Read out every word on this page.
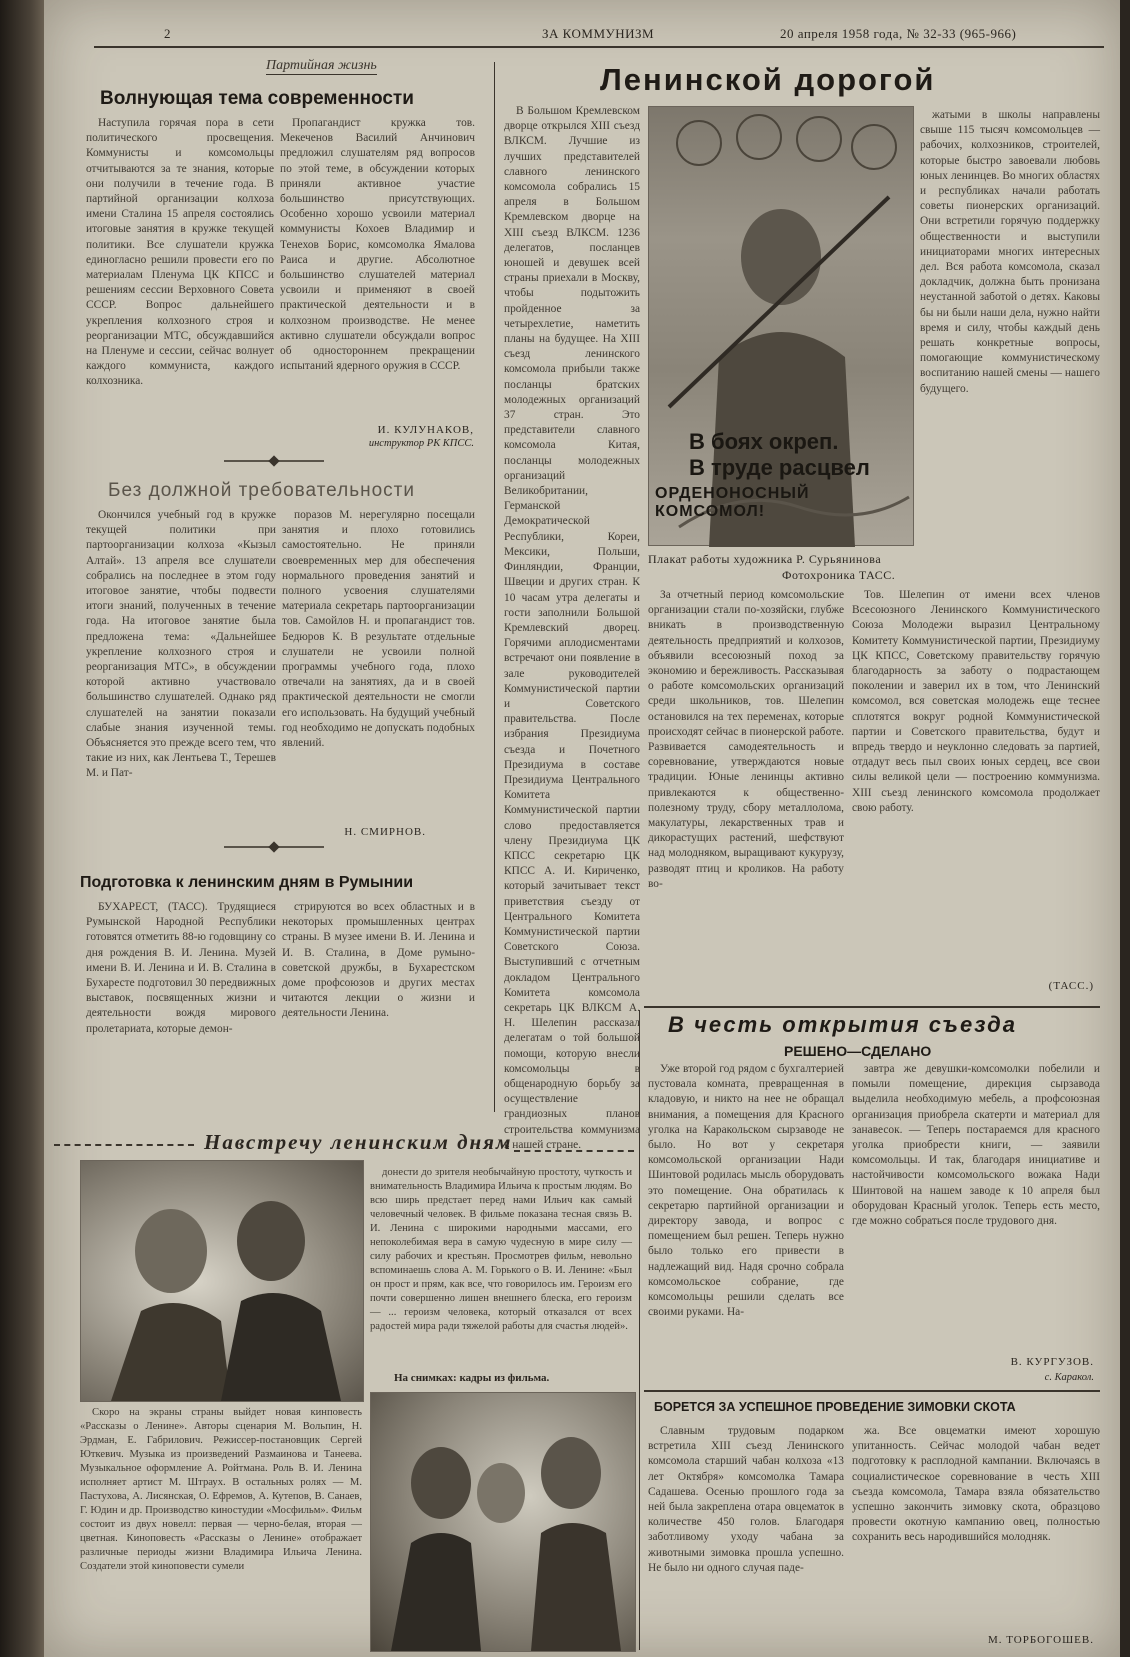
2	ЗА КОММУНИЗМ	20 апреля 1958 года, № 32-33 (965-966)
Партийная жизнь
Волнующая тема современности

Наступила горячая пора в сети политического просвещения. Коммунисты и комсомольцы отчитываются за те знания, которые они получили в течение года. В партийной организации колхоза имени Сталина 15 апреля состоялись итоговые занятия в кружке текущей политики. Все слушатели кружка единогласно решили провести его по материалам Пленума ЦК КПСС и решениям сессии Верховного Совета СССР. Вопрос дальнейшего укрепления колхозного строя и реорганизации МТС, обсуждавшийся на Пленуме и сессии, сейчас волнует каждого коммуниста, каждого колхозника.

Пропагандист кружка тов. Мекеченов Василий Анчинович предложил слушателям ряд вопросов по этой теме, в обсуждении которых приняли активное участие большинство присутствующих. Особенно хорошо усвоили материал коммунисты Кохоев Владимир и Тенехов Борис, комсомолка Ямалова Раиса и другие. Абсолютное большинство слушателей материал усвоили и применяют в своей практической деятельности и в колхозном производстве. Не менее активно слушатели обсуждали вопрос об одностороннем прекращении испытаний ядерного оружия в СССР.

И. КУЛУНАКОВ,
инструктор РК КПСС.
Без должной требовательности

Окончился учебный год в кружке текущей политики при партоорганизации колхоза «Кызыл Алтай». 13 апреля все слушатели собрались на последнее в этом году итоговое занятие, чтобы подвести итоги знаний, полученных в течение года. На итоговое занятие была предложена тема: «Дальнейшее укрепление колхозного строя и реорганизация МТС», в обсуждении которой активно участвовало большинство слушателей. Однако ряд слушателей на занятии показали слабые знания изученной темы. Объясняется это прежде всего тем, что такие из них, как Лентьева Т., Терешев М. и Пат-

поразов М. нерегулярно посещали занятия и плохо готовились самостоятельно. Не приняли своевременных мер для обеспечения нормального проведения занятий и полного усвоения слушателями материала секретарь партоорганизации тов. Самойлов Н. и пропагандист тов. Бедюров К. В результате отдельные слушатели не усвоили полной программы учебного года, плохо отвечали на занятиях, да и в своей практической деятельности не смогли его использовать. На будущий учебный год необходимо не допускать подобных явлений.

Н. СМИРНОВ.
Подготовка к ленинским дням в Румынии

БУХАРЕСТ, (ТАСС). Трудящиеся Румынской Народной Республики готовятся отметить 88-ю годовщину со дня рождения В. И. Ленина. Музей имени В. И. Ленина и И. В. Сталина в Бухаресте подготовил 30 передвижных выставок, посвященных жизни и деятельности вождя мирового пролетариата, которые демон-

стрируются во всех областных и в некоторых промышленных центрах страны. В музее имени В. И. Ленина и И. В. Сталина, в Доме румыно-советской дружбы, в Бухарестском доме профсоюзов и других местах читаются лекции о жизни и деятельности Ленина.

Ленинской дорогой

В Большом Кремлевском дворце открылся XIII съезд ВЛКСМ. Лучшие из лучших представителей славного ленинского комсомола собрались 15 апреля в Большом Кремлевском дворце на XIII съезд ВЛКСМ. 1236 делегатов, посланцев юношей и девушек всей страны приехали в Москву, чтобы подытожить пройденное за четырехлетие, наметить планы на будущее. На XIII съезд ленинского комсомола прибыли также посланцы братских молодежных организаций 37 стран. Это представители славного комсомола Китая, посланцы молодежных организаций Великобритании, Германской Демократической Республики, Кореи, Мексики, Польши, Финляндии, Франции, Швеции и других стран. К 10 часам утра делегаты и гости заполнили Большой Кремлевский дворец. Горячими аплодисментами встречают они появление в зале руководителей Коммунистической партии и Советского правительства. После избрания Президиума съезда и Почетного Президиума в составе Президиума Центрального Комитета Коммунистической партии слово предоставляется члену Президиума ЦК КПСС секретарю ЦК КПСС А. И. Кириченко, который зачитывает текст приветствия съезду от Центрального Комитета Коммунистической партии Советского Союза. Выступивший с отчетным докладом Центрального Комитета комсомола секретарь ЦК ВЛКСМ А. Н. Шелепин рассказал делегатам о той большой помощи, которую внесли комсомольцы в общенародную борьбу за осуществление грандиозных планов строительства коммунизма в нашей стране.

В боях окреп.
В труде расцвел
ОРДЕНОНОСНЫЙ КОМСОМОЛ!
Плакат работы художника Р. Сурьянинова
Фотохроника ТАСС.

жатыми в школы направлены свыше 115 тысяч комсомольцев — рабочих, колхозников, строителей, которые быстро завоевали любовь юных ленинцев. Во многих областях и республиках начали работать советы пионерских организаций. Они встретили горячую поддержку общественности и выступили инициаторами многих интересных дел. Вся работа комсомола, сказал докладчик, должна быть пронизана неустанной заботой о детях. Каковы бы ни были наши дела, нужно найти время и силу, чтобы каждый день решать конкретные вопросы, помогающие коммунистическому воспитанию нашей смены — нашего будущего.

За отчетный период комсомольские организации стали по-хозяйски, глубже вникать в производственную деятельность предприятий и колхозов, объявили всесоюзный поход за экономию и бережливость. Рассказывая о работе комсомольских организаций среди школьников, тов. Шелепин остановился на тех переменах, которые происходят сейчас в пионерской работе. Развивается самодеятельность и соревнование, утверждаются новые традиции. Юные ленинцы активно привлекаются к общественно-полезному труду, сбору металлолома, макулатуры, лекарственных трав и дикорастущих растений, шефствуют над молодняком, выращивают кукурузу, разводят птиц и кроликов. На работу во-

Тов. Шелепин от имени всех членов Всесоюзного Ленинского Коммунистического Союза Молодежи выразил Центральному Комитету Коммунистической партии, Президиуму ЦК КПСС, Советскому правительству горячую благодарность за заботу о подрастающем поколении и заверил их в том, что Ленинский комсомол, вся советская молодежь еще теснее сплотятся вокруг родной Коммунистической партии и Советского правительства, будут и впредь твердо и неуклонно следовать за партией, отдадут весь пыл своих юных сердец, все свои силы великой цели — построению коммунизма. XIII съезд ленинского комсомола продолжает свою работу.

(ТАСС.)
В честь открытия съезда
РЕШЕНО—СДЕЛАНО

Уже второй год рядом с бухгалтерией пустовала комната, превращенная в кладовую, и никто на нее не обращал внимания, а помещения для Красного уголка на Каракольском сырзаводе не было. Но вот у секретаря комсомольской организации Нади Шинтовой родилась мысль оборудовать это помещение. Она обратилась к секретарю партийной организации и директору завода, и вопрос с помещением был решен. Теперь нужно было только его привести в надлежащий вид. Надя срочно собрала комсомольское собрание, где комсомольцы решили сделать все своими руками. На-

завтра же девушки-комсомолки побелили и помыли помещение, дирекция сырзавода выделила необходимую мебель, а профсоюзная организация приобрела скатерти и материал для занавесок. — Теперь постараемся для красного уголка приобрести книги, — заявили комсомольцы. И так, благодаря инициативе и настойчивости комсомольского вожака Нади Шинтовой на нашем заводе к 10 апреля был оборудован Красный уголок. Теперь есть место, где можно собраться после трудового дня.

В. КУРГУЗОВ.
с. Каракол.
БОРЕТСЯ ЗА УСПЕШНОЕ ПРОВЕДЕНИЕ ЗИМОВКИ СКОТА

Славным трудовым подарком встретила XIII съезд Ленинского комсомола старший чабан колхоза «13 лет Октября» комсомолка Тамара Садашева. Осенью прошлого года за ней была закреплена отара овцематок в количестве 450 голов. Благодаря заботливому уходу чабана за животными зимовка прошла успешно. Не было ни одного случая паде-

жа. Все овцематки имеют хорошую упитанность. Сейчас молодой чабан ведет подготовку к расплодной кампании. Включаясь в социалистическое соревнование в честь XIII съезда комсомола, Тамара взяла обязательство успешно закончить зимовку скота, образцово провести окотную кампанию овец, полностью сохранить весь народившийся молодняк.

М. ТОРБОГОШЕВ.
Навстречу ленинским дням

Скоро на экраны страны выйдет новая кинповесть «Рассказы о Ленине». Авторы сценария М. Вольпин, Н. Эрдман, Е. Габрилович. Режиссер-постановщик Сергей Юткевич. Музыка из произведений Размаинова и Танеева. Музыкальное оформление А. Ройтмана. Роль В. И. Ленина исполняет артист М. Штраух. В остальных ролях — М. Пастухова, А. Лисянская, О. Ефремов, А. Кутепов, В. Санаев, Г. Юдин и др. Производство киностудии «Мосфильм». Фильм состоит из двух новелл: первая — черно-белая, вторая — цветная. Киноповесть «Рассказы о Ленине» отображает различные периоды жизни Владимира Ильича Ленина. Создатели этой киноповести сумели

донести до зрителя необычайную простоту, чуткость и внимательность Владимира Ильича к простым людям. Во всю ширь предстает перед нами Ильич как самый человечный человек. В фильме показана тесная связь В. И. Ленина с широкими народными массами, его непоколебимая вера в самую чудесную в мире силу — силу рабочих и крестьян. Просмотрев фильм, невольно вспоминаешь слова А. М. Горького о В. И. Ленине: «Был он прост и прям, как все, что говорилось им. Героизм его почти совершенно лишен внешнего блеска, его героизм — ... героизм человека, который отказался от всех радостей мира ради тяжелой работы для счастья людей».

На снимках: кадры из фильма.
